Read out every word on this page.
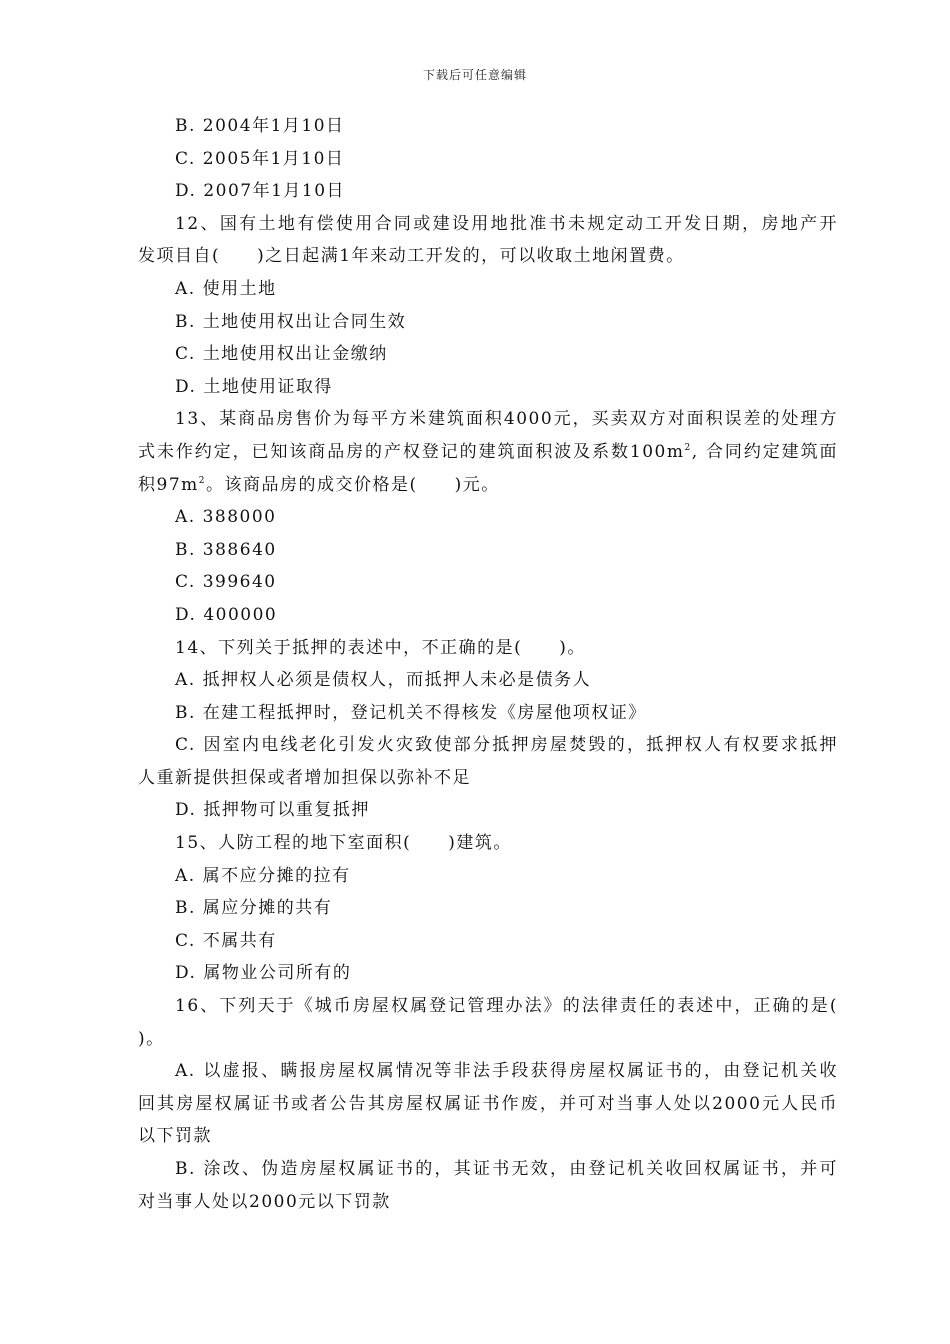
下载后可任意编辑
B. 2004年1月10日
C. 2005年1月10日
D. 2007年1月10日
12、国有土地有偿使用合同或建设用地批准书未规定动工开发日期，房地产开
发项目自(　　)之日起满1年来动工开发的，可以收取土地闲置费。
A. 使用土地
B. 土地使用权出让合同生效
C. 土地使用权出让金缴纳
D. 土地使用证取得
13、某商品房售价为每平方米建筑面积4000元，买卖双方对面积误差的处理方
式未作约定，已知该商品房的产权登记的建筑面积波及系数$100m^2$, 合同约定建筑面
积$97m^2$。该商品房的成交价格是(　　)元。
A. 388000
B. 388640
C. 399640
D. 400000
14、下列关于抵押的表述中，不正确的是(　　)。
A. 抵押权人必须是债权人，而抵押人未必是债务人
B. 在建工程抵押时，登记机关不得核发《房屋他项权证》
C. 因室内电线老化引发火灾致使部分抵押房屋焚毁的，抵押权人有权要求抵押
人重新提供担保或者增加担保以弥补不足
D. 抵押物可以重复抵押
15、人防工程的地下室面积(　　)建筑。
A. 属不应分摊的拉有
B. 属应分摊的共有
C. 不属共有
D. 属物业公司所有的
16、下列天于《城币房屋权属登记管理办法》的法律责任的表述中，正确的是(
)。
A. 以虚报、瞒报房屋权属情况等非法手段获得房屋权属证书的，由登记机关收
回其房屋权属证书或者公告其房屋权属证书作废，并可对当事人处以2000元人民币
以下罚款
B. 涂改、伪造房屋权属证书的，其证书无效，由登记机关收回权属证书，并可
对当事人处以2000元以下罚款
